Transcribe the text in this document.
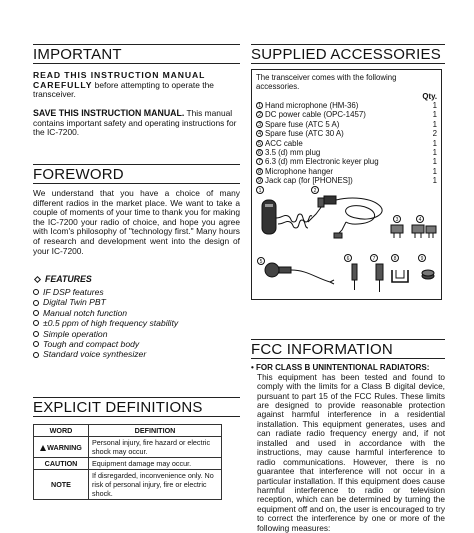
IMPORTANT
READ THIS INSTRUCTION MANUAL CAREFULLY before attempting to operate the transceiver.
SAVE THIS INSTRUCTION MANUAL. This manual contains important safety and operating instructions for the IC-7200.
FOREWORD
We understand that you have a choice of many different radios in the market place. We want to take a couple of moments of your time to thank you for making the IC-7200 your radio of choice, and hope you agree with Icom's philosophy of "technology first." Many hours of research and development went into the design of your IC-7200.
FEATURES
IF DSP features
Digital Twin PBT
Manual notch function
±0.5 ppm of high frequency stability
Simple operation
Tough and compact body
Standard voice synthesizer
EXPLICIT DEFINITIONS
WORD	DEFINITION
WARNING	Personal injury, fire hazard or electric shock may occur.
CAUTION	Equipment damage may occur.
NOTE	If disregarded, inconvenience only. No risk of personal injury, fire or electric shock.
SUPPLIED ACCESSORIES
The transceiver comes with the following accessories.
Qty.
1 Hand microphone (HM-36)	1
2 DC power cable (OPC-1457)	1
3 Spare fuse (ATC 5 A)	1
4 Spare fuse (ATC 30 A)	2
5 ACC cable	1
6 3.5 (d) mm plug	1
7 6.3 (d) mm Electronic keyer plug	1
8 Microphone hanger	1
9 Jack cap (for [PHONES])	1
1	2
3	4
5	6	7	8	9
FCC INFORMATION
• FOR CLASS B UNINTENTIONAL RADIATORS:
This equipment has been tested and found to comply with the limits for a Class B digital device, pursuant to part 15 of the FCC Rules. These limits are designed to provide reasonable protection against harmful interference in a residential installation. This equipment generates, uses and can radiate radio frequency energy and, if not installed and used in accordance with the instructions, may cause harmful interference to radio communications. However, there is no guarantee that interference will not occur in a particular installation. If this equipment does cause harmful interference to radio or television reception, which can be determined by turning the equipment off and on, the user is encouraged to try to correct the interference by one or more of the following measures:
